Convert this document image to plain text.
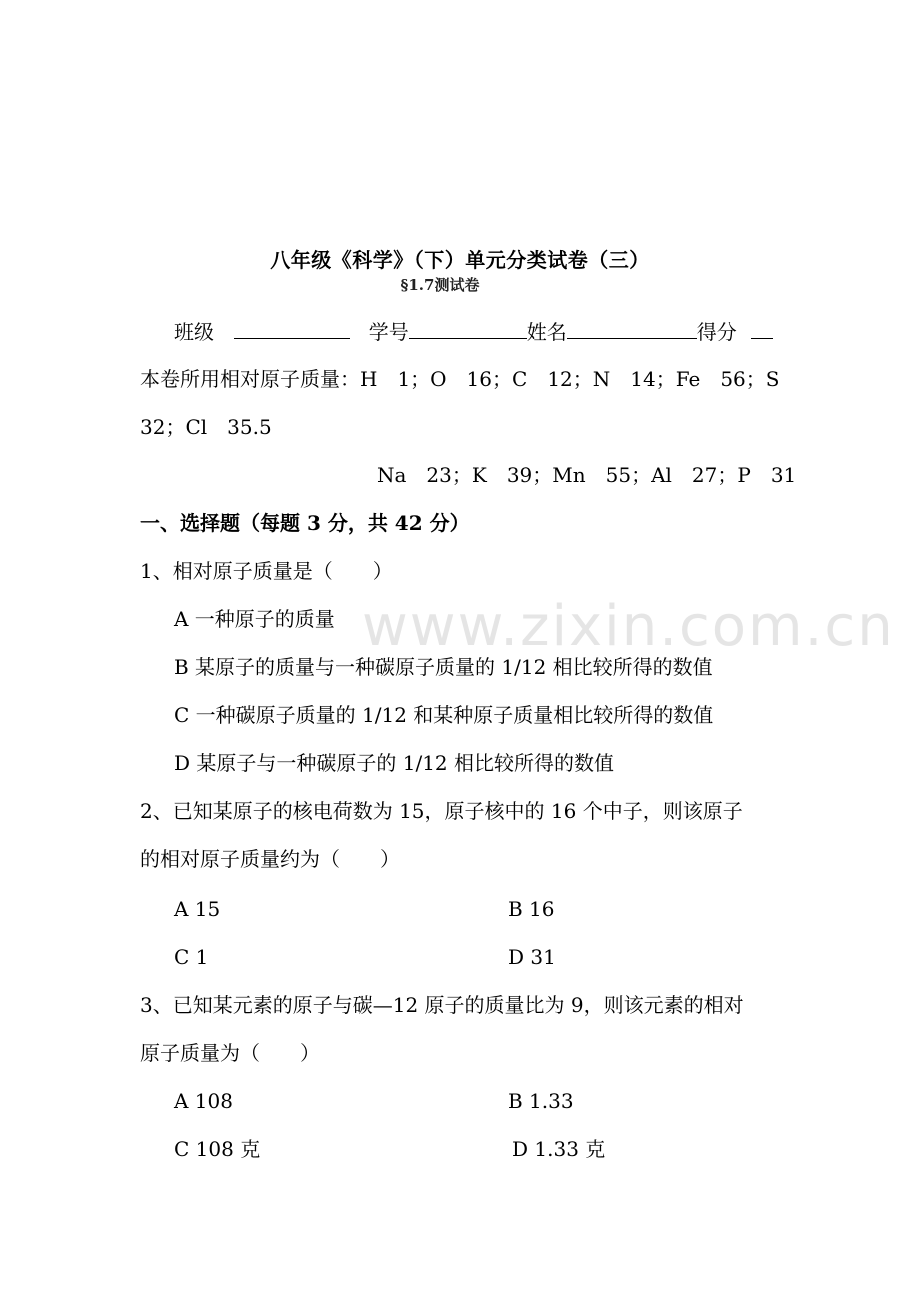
八年级《科学》（下）单元分类试卷（三）
§1.7测试卷
班级	学号	姓名	得分
本卷所用相对原子质量：H　1；O　16；C　12；N　14；Fe　56；S
32；Cl　35.5
Na　23；K　39；Mn　55；Al　27；P　31
一、选择题（每题 3 分，共 42 分）
1、相对原子质量是（　　）
A 一种原子的质量
B 某原子的质量与一种碳原子质量的 1/12 相比较所得的数值
C 一种碳原子质量的 1/12 和某种原子质量相比较所得的数值
D 某原子与一种碳原子的 1/12 相比较所得的数值
2、已知某原子的核电荷数为 15，原子核中的 16 个中子，则该原子
的相对原子质量约为（　　）
A 15	B 16
C 1	D 31
3、已知某元素的原子与碳—12 原子的质量比为 9，则该元素的相对
原子质量为（　　）
A 108	B 1.33
C 108 克	D 1.33 克
www.zixin.com.cn
